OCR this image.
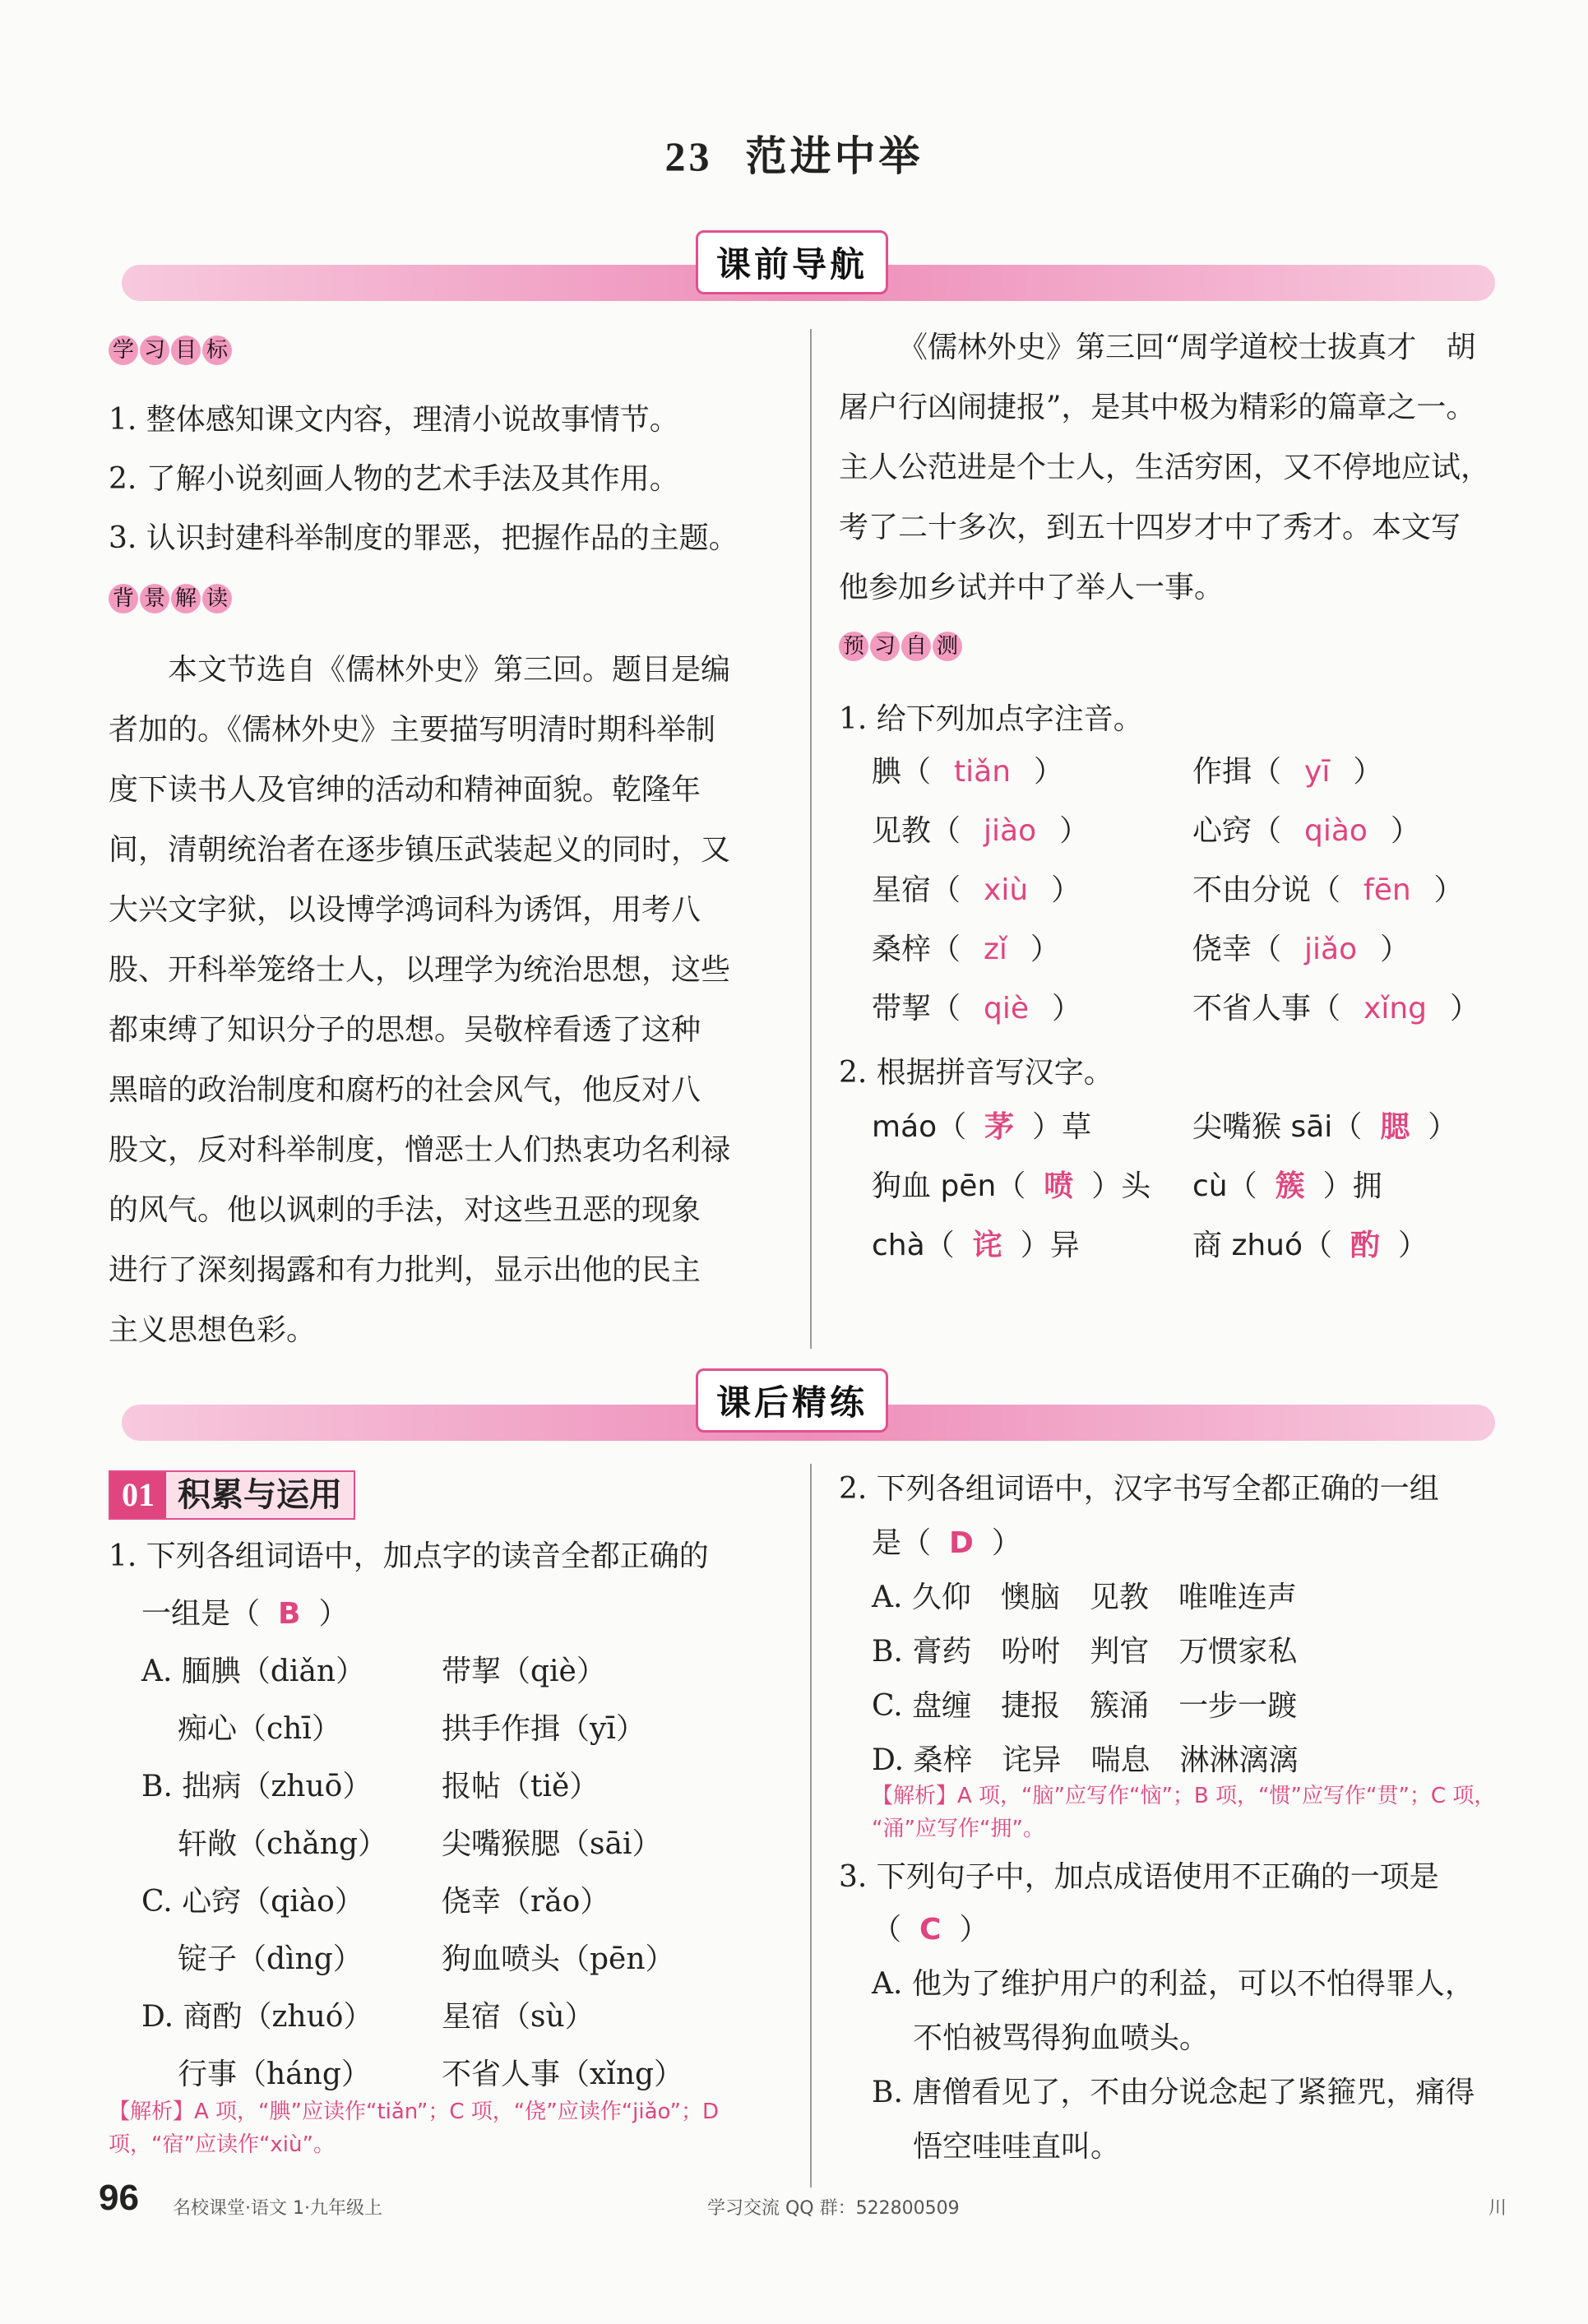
23 范进中举
课前导航
学 习 目 标
1. 整体感知课文内容，理清小说故事情节。
2. 了解小说刻画人物的艺术手法及其作用。
3. 认识封建科举制度的罪恶，把握作品的主题。
背 景 解 读
本文节选自《儒林外史》第三回。题目是编
者加的。《儒林外史》主要描写明清时期科举制
度下读书人及官绅的活动和精神面貌。乾隆年
间，清朝统治者在逐步镇压武装起义的同时，又
大兴文字狱，以设博学鸿词科为诱饵，用考八
股、开科举笼络士人，以理学为统治思想，这些
都束缚了知识分子的思想。吴敬梓看透了这种
黑暗的政治制度和腐朽的社会风气，他反对八
股文，反对科举制度，憎恶士人们热衷功名利禄
的风气。他以讽刺的手法，对这些丑恶的现象
进行了深刻揭露和有力批判，显示出他的民主
主义思想色彩。
《儒林外史》第三回“周学道校士拔真才　胡
屠户行凶闹捷报”，是其中极为精彩的篇章之一。
主人公范进是个士人，生活穷困，又不停地应试，
考了二十多次，到五十四岁才中了秀才。本文写
他参加乡试并中了举人一事。
预 习 自 测
1. 给下列加点字注音。
腆（ tiǎn ）	作揖（ yī ）
见教（ jiào ）	心窍（ qiào ）
星宿（ xiù ）	不由分说（ fēn ）
桑梓（ zǐ ）	侥幸（ jiǎo ）
带挈（ qiè ）	不省人事（ xǐng ）
2. 根据拼音写汉字。
máo（ 茅 ）草	尖嘴猴 sāi（ 腮 ）
狗血 pēn（ 喷 ）头 cù（ 簇 ）拥
chà（ 诧 ）异	商 zhuó（ 酌 ）
课后精练
01 积累与运用
1. 下列各组词语中，加点字的读音全都正确的
一组是（ B ）
A. 腼腆（diǎn）	带挈（qiè）
痴心（chī）	拱手作揖（yī）
B. 拙病（zhuō） 报帖（tiě）
轩敞（chǎng） 尖嘴猴腮（sāi）
C. 心窍（qiào）	侥幸（rǎo）
锭子（dìng）	狗血喷头（pēn）
D. 商酌（zhuó） 星宿（sù）
行事（háng） 不省人事（xǐng）
【解析】A 项，“腆”应读作“tiǎn”；C 项，“侥”应读作“jiǎo”；D
项，“宿”应读作“xiù”。
2. 下列各组词语中，汉字书写全都正确的一组
是（ D ）
A. 久仰　懊脑　见教　唯唯连声
B. 膏药　吩咐　判官　万惯家私
C. 盘缠　捷报　簇涌　一步一踱
D. 桑梓　诧异　喘息　淋淋漓漓
【解析】A 项，“脑”应写作“恼”；B 项，“惯”应写作“贯”；C 项，
“涌”应写作“拥”。
3. 下列句子中，加点成语使用不正确的一项是
（ C ）
A. 他为了维护用户的利益，可以不怕得罪人，
不怕被骂得狗血喷头。
B. 唐僧看见了，不由分说念起了紧箍咒，痛得
悟空哇哇直叫。
96 名校课堂·语文 1·九年级上	学习交流 QQ 群：522800509	川
